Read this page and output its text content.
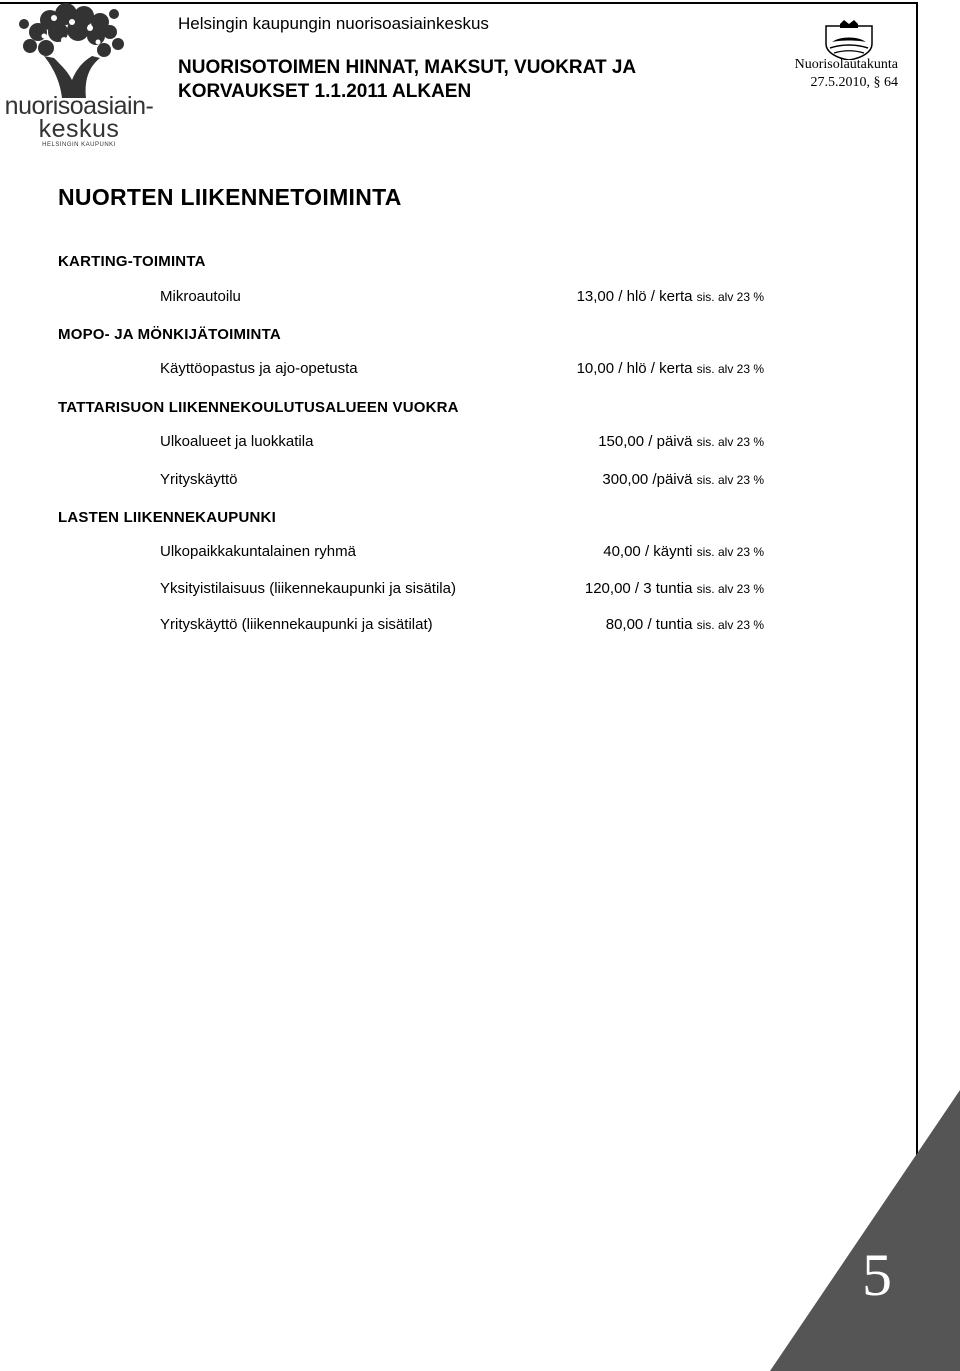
nuorisoasiain-
keskus
HELSINGIN KAUPUNKI
Helsingin kaupungin nuorisoasiainkeskus
NUORISOTOIMEN HINNAT, MAKSUT, VUOKRAT JA
KORVAUKSET 1.1.2011 ALKAEN
Nuorisolautakunta
27.5.2010, § 64
NUORTEN LIIKENNETOIMINTA
KARTING-TOIMINTA
Mikroautoilu	13,00 / hlö / kerta sis. alv 23 %
MOPO- JA MÖNKIJÄTOIMINTA
Käyttöopastus ja ajo-opetusta	10,00 / hlö / kerta sis. alv 23 %
TATTARISUON LIIKENNEKOULUTUSALUEEN VUOKRA
Ulkoalueet ja luokkatila	150,00 / päivä sis. alv 23 %
Yrityskäyttö	300,00 /päivä sis. alv 23 %
LASTEN LIIKENNEKAUPUNKI
Ulkopaikkakuntalainen ryhmä	40,00 / käynti sis. alv 23 %
Yksityistilaisuus (liikennekaupunki ja sisätila)	120,00 / 3 tuntia sis. alv 23 %
Yrityskäyttö (liikennekaupunki ja sisätilat)	80,00 / tuntia sis. alv 23 %
5
